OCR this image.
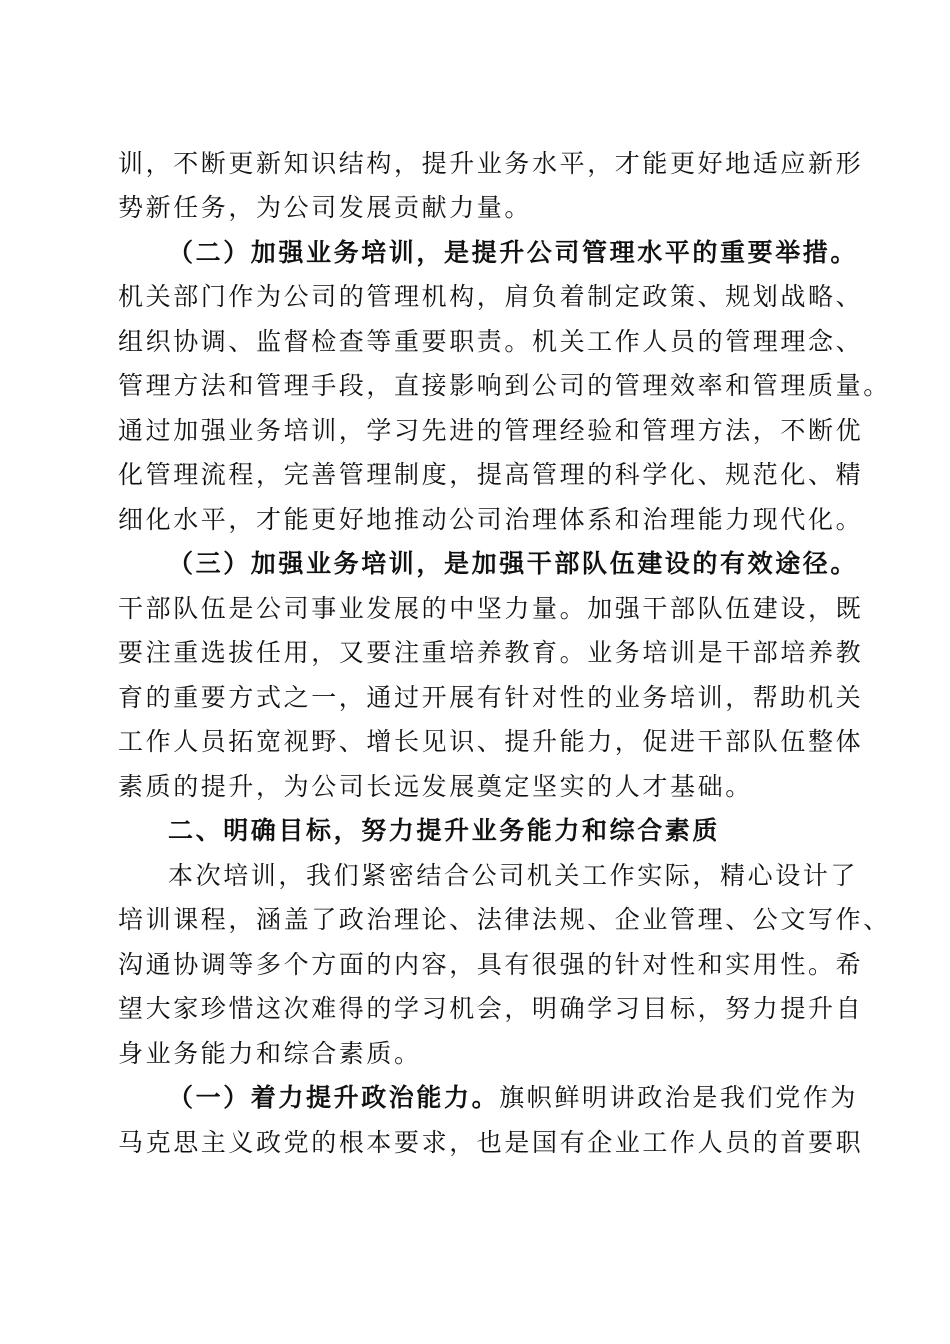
训，不断更新知识结构，提升业务水平，才能更好地适应新形
势新任务，为公司发展贡献力量。
（二）加强业务培训，是提升公司管理水平的重要举措。
机关部门作为公司的管理机构，肩负着制定政策、规划战略、
组织协调、监督检查等重要职责。机关工作人员的管理理念、
管理方法和管理手段，直接影响到公司的管理效率和管理质量。
通过加强业务培训，学习先进的管理经验和管理方法，不断优
化管理流程，完善管理制度，提高管理的科学化、规范化、精
细化水平，才能更好地推动公司治理体系和治理能力现代化。
（三）加强业务培训，是加强干部队伍建设的有效途径。
干部队伍是公司事业发展的中坚力量。加强干部队伍建设，既
要注重选拔任用，又要注重培养教育。业务培训是干部培养教
育的重要方式之一，通过开展有针对性的业务培训，帮助机关
工作人员拓宽视野、增长见识、提升能力，促进干部队伍整体
素质的提升，为公司长远发展奠定坚实的人才基础。
二、明确目标，努力提升业务能力和综合素质
本次培训，我们紧密结合公司机关工作实际，精心设计了
培训课程，涵盖了政治理论、法律法规、企业管理、公文写作、
沟通协调等多个方面的内容，具有很强的针对性和实用性。希
望大家珍惜这次难得的学习机会，明确学习目标，努力提升自
身业务能力和综合素质。
（一）着力提升政治能力。旗帜鲜明讲政治是我们党作为
马克思主义政党的根本要求，也是国有企业工作人员的首要职
